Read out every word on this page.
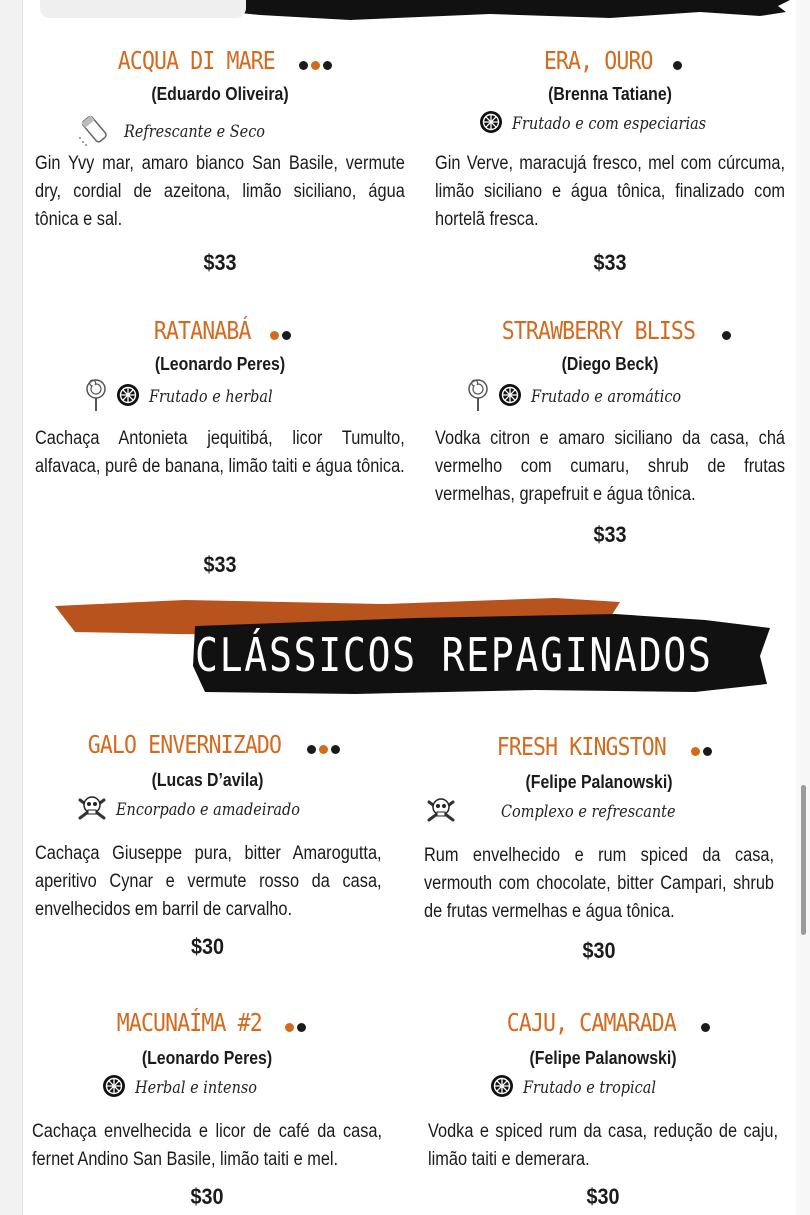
CLÁSSICOS REPAGINADOS
ACQUA DI MARE
(Eduardo Oliveira)
Refrescante e Seco
Gin Yvy mar, amaro bianco San Basile, vermute dry, cordial de azeitona, limão siciliano, água tônica e sal.
$33
ERA, OURO
(Brenna Tatiane)
Frutado e com especiarias
Gin Verve, maracujá fresco, mel com cúrcuma, limão siciliano e água tônica, finalizado com hortelã fresca.
$33
RATANABÁ
(Leonardo Peres)
Frutado e herbal
Cachaça Antonieta jequitibá, licor Tumulto, alfavaca, purê de banana, limão taiti e água tônica.
$33
STRAWBERRY BLISS
(Diego Beck)
Frutado e aromático
Vodka citron e amaro siciliano da casa, chá vermelho com cumaru, shrub de frutas vermelhas, grapefruit e água tônica.
$33
GALO ENVERNIZADO
(Lucas D’avila)
Encorpado e amadeirado
Cachaça Giuseppe pura, bitter Amarogutta, aperitivo Cynar e vermute rosso da casa, envelhecidos em barril de carvalho.
$30
FRESH KINGSTON
(Felipe Palanowski)
Complexo e refrescante
Rum envelhecido e rum spiced da casa, vermouth com chocolate, bitter Campari, shrub de frutas vermelhas e água tônica.
$30
MACUNAÍMA #2
(Leonardo Peres)
Herbal e intenso
Cachaça envelhecida e licor de café da casa, fernet Andino San Basile, limão taiti e mel.
$30
CAJU, CAMARADA
(Felipe Palanowski)
Frutado e tropical
Vodka e spiced rum da casa, redução de caju, limão taiti e demerara.
$30
